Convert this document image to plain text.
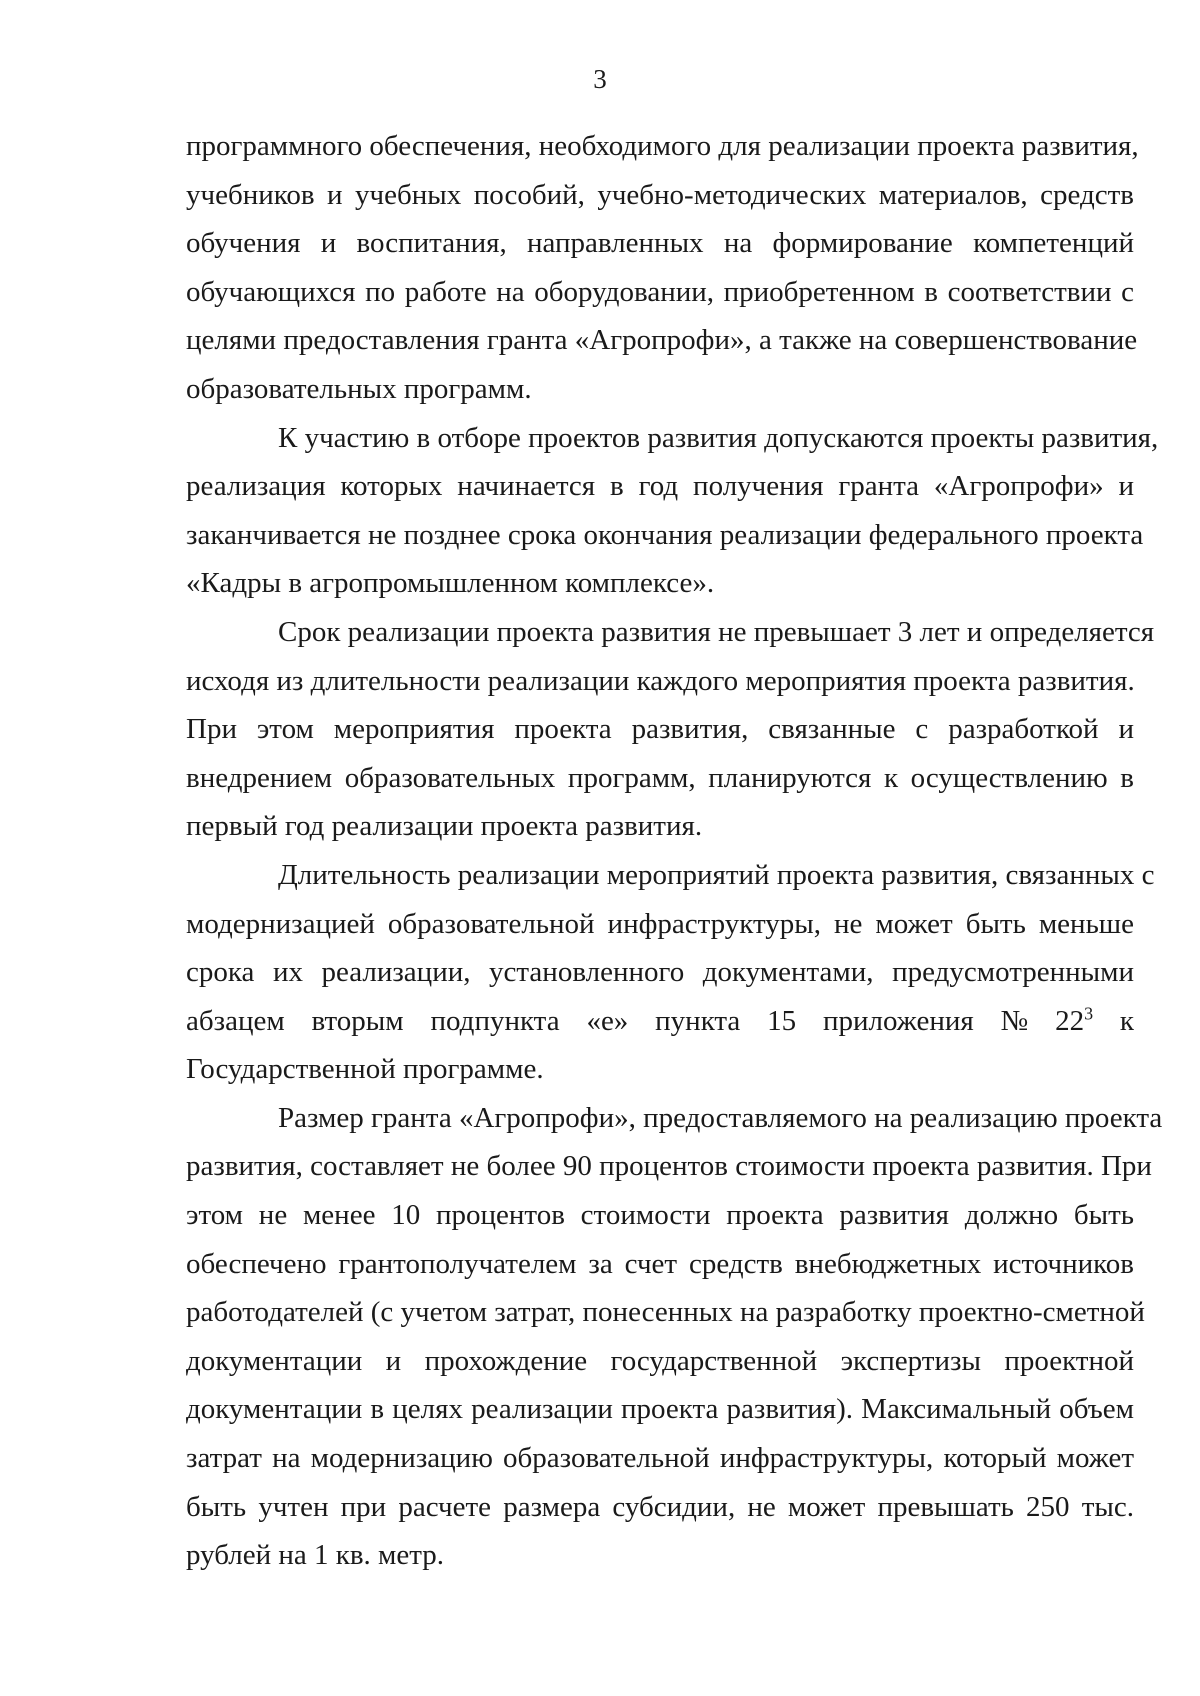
3
программного обеспечения, необходимого для реализации проекта развития,
учебников и учебных пособий, учебно-методических материалов, средств
обучения и воспитания, направленных на формирование компетенций
обучающихся по работе на оборудовании, приобретенном в соответствии с
целями предоставления гранта «Агропрофи», а также на совершенствование
образовательных программ.
К участию в отборе проектов развития допускаются проекты развития,
реализация которых начинается в год получения гранта «Агропрофи» и
заканчивается не позднее срока окончания реализации федерального проекта
«Кадры в агропромышленном комплексе».
Срок реализации проекта развития не превышает 3 лет и определяется
исходя из длительности реализации каждого мероприятия проекта развития.
При этом мероприятия проекта развития, связанные с разработкой и
внедрением образовательных программ, планируются к осуществлению в
первый год реализации проекта развития.
Длительность реализации мероприятий проекта развития, связанных с
модернизацией образовательной инфраструктуры, не может быть меньше
срока их реализации, установленного документами, предусмотренными
абзацем вторым подпункта «е» пункта 15 приложения № $22^3$ к
Государственной программе.
Размер гранта «Агропрофи», предоставляемого на реализацию проекта
развития, составляет не более 90 процентов стоимости проекта развития. При
этом не менее 10 процентов стоимости проекта развития должно быть
обеспечено грантополучателем за счет средств внебюджетных источников
работодателей (с учетом затрат, понесенных на разработку проектно-сметной
документации и прохождение государственной экспертизы проектной
документации в целях реализации проекта развития). Максимальный объем
затрат на модернизацию образовательной инфраструктуры, который может
быть учтен при расчете размера субсидии, не может превышать 250 тыс.
рублей на 1 кв. метр.
